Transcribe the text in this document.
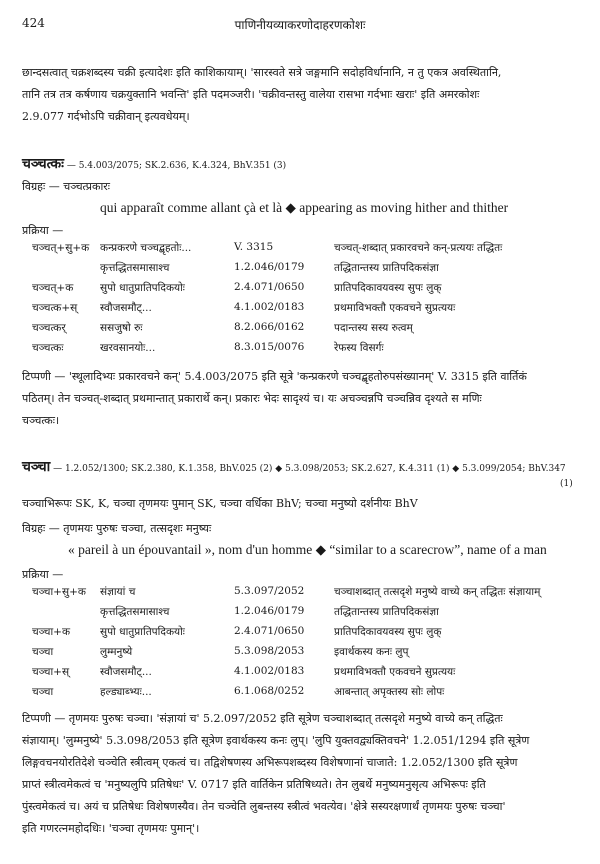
424	पाणिनीयव्याकरणोदाहरणकोशः
छान्दसत्वात् चक्रशब्दस्य चक्री इत्यादेशः इति काशिकायाम्। 'सारस्वते सत्रे जङ्गमानि सदोहविर्धानानि, न तु एकत्र अवस्थितानि,
तानि तत्र तत्र कर्षणाय चक्रयुक्तानि भवन्ति' इति पदमञ्जरी। 'चक्रीवन्तस्तु वालेया रासभा गर्दभाः खराः' इति अमरकोशः
2.9.077 गर्दभोऽपि चक्रीवान् इत्यवधेयम्।
चञ्चत्कः — 5.4.003/2075; SK.2.636, K.4.324, BhV.351 (3)
विग्रहः — चञ्चत्प्रकारः
qui apparaît comme allant çà et là ◆ appearing as moving hither and thither
प्रक्रिया —
चञ्चत्+सु+क	कन्प्रकरणे चञ्चद्बृहतोः...	V. 3315	चञ्चत्-शब्दात् प्रकारवचने कन्-प्रत्ययः तद्धितः
	कृत्तद्धितसमासाश्च	1.2.046/0179	तद्धितान्तस्य प्रातिपदिकसंज्ञा
चञ्चत्+क	सुपो धातुप्रातिपदिकयोः	2.4.071/0650	प्रातिपदिकावयवस्य सुपः लुक्
चञ्चत्क+स्	स्वौजसमौट्...	4.1.002/0183	प्रथमाविभक्तौ एकवचने सुप्रत्ययः
चञ्चत्कर्	ससजुषो रुः	8.2.066/0162	पदान्तस्य सस्य रुत्वम्
चञ्चत्कः	खरवसानयोः...	8.3.015/0076	रेफस्य विसर्गः
टिप्पणी — 'स्थूलादिभ्यः प्रकारवचने कन्' 5.4.003/2075 इति सूत्रे 'कन्प्रकरणे चञ्चद्बृहतोरुपसंख्यानम्' V. 3315 इति वार्तिकं
पठितम्। तेन चञ्चत्-शब्दात् प्रथमान्तात् प्रकारार्थे कन्। प्रकारः भेदः सादृश्यं च। यः अचञ्चन्नपि चञ्चन्निव दृश्यते स मणिः
चञ्चत्कः।
चञ्चा — 1.2.052/1300; SK.2.380, K.1.358, BhV.025 (2) ◆ 5.3.098/2053; SK.2.627, K.4.311 (1) ◆ 5.3.099/2054; BhV.347
(1)
चञ्चाभिरूपः SK, K, चञ्चा तृणमयः पुमान् SK, चञ्चा वर्धिका BhV; चञ्चा मनुष्यो दर्शनीयः BhV
विग्रहः — तृणमयः पुरुषः चञ्चा, तत्सदृशः मनुष्यः
« pareil à un épouvantail », nom d'un homme ◆ “similar to a scarecrow”, name of a man
प्रक्रिया —
चञ्चा+सु+क	संज्ञायां च	5.3.097/2052	चञ्चाशब्दात् तत्सदृशे मनुष्ये वाच्ये कन् तद्धितः संज्ञायाम्
	कृत्तद्धितसमासाश्च	1.2.046/0179	तद्धितान्तस्य प्रातिपदिकसंज्ञा
चञ्चा+क	सुपो धातुप्रातिपदिकयोः	2.4.071/0650	प्रातिपदिकावयवस्य सुपः लुक्
चञ्चा	लुम्मनुष्ये	5.3.098/2053	इवार्थकस्य कनः लुप्
चञ्चा+स्	स्वौजसमौट्...	4.1.002/0183	प्रथमाविभक्तौ एकवचने सुप्रत्ययः
चञ्चा	हल्ड्याब्भ्यः...	6.1.068/0252	आबन्तात् अपृक्तस्य सोः लोपः
टिप्पणी — तृणमयः पुरुषः चञ्चा। 'संज्ञायां च' 5.2.097/2052 इति सूत्रेण चञ्चाशब्दात् तत्सदृशे मनुष्ये वाच्ये कन् तद्धितः
संज्ञायाम्। 'लुम्मनुष्ये' 5.3.098/2053 इति सूत्रेण इवार्थकस्य कनः लुप्। 'लुपि युक्तवद्व्यक्तिवचने' 1.2.051/1294 इति सूत्रेण
लिङ्गवचनयोरतिदेशे चञ्चेति स्त्रीत्वम् एकत्वं च। तद्विशेषणस्य अभिरूपशब्दस्य विशेषणानां चाजाते: 1.2.052/1300 इति सूत्रेण
प्राप्तं स्त्रीत्वमेकत्वं च 'मनुष्यलुपि प्रतिषेधः' V. 0717 इति वार्तिकेन प्रतिषिध्यते। तेन लुबर्थे मनुष्यमनुसृत्य अभिरूपः इति
पुंस्त्वमेकत्वं च। अयं च प्रतिषेधः विशेषणस्यैव। तेन चञ्चेति लुबन्तस्य स्त्रीत्वं भवत्येव। 'क्षेत्रे सस्यरक्षणार्थं तृणमयः पुरुषः चञ्चा'
इति गणरत्नमहोदधिः। 'चञ्चा तृणमयः पुमान्'।
